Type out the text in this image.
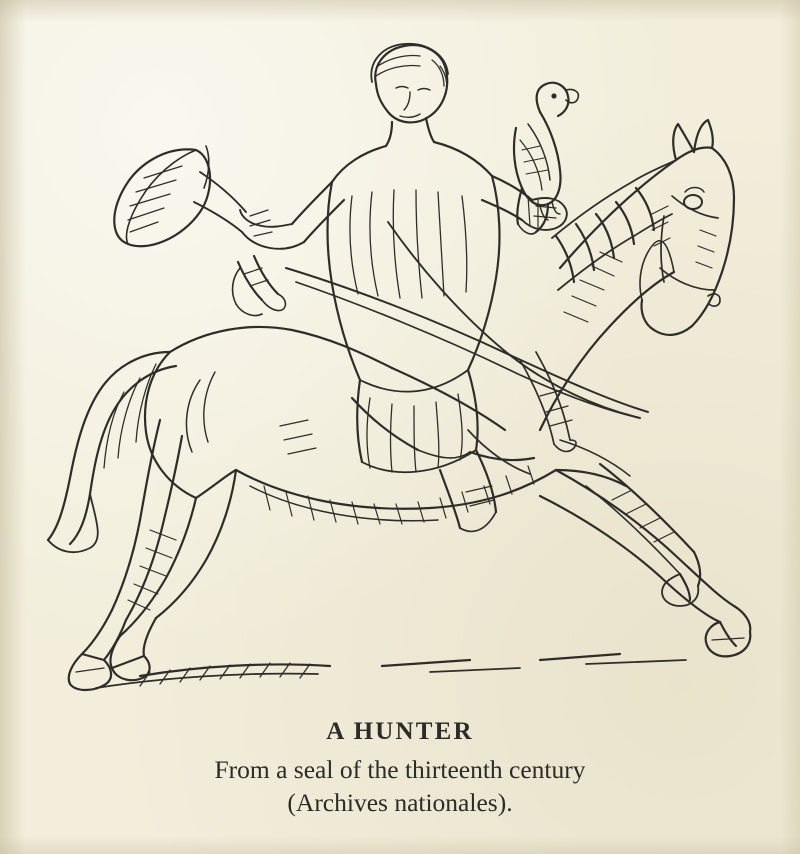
A HUNTER

From a seal of the thirteenth century

(Archives nationales).
